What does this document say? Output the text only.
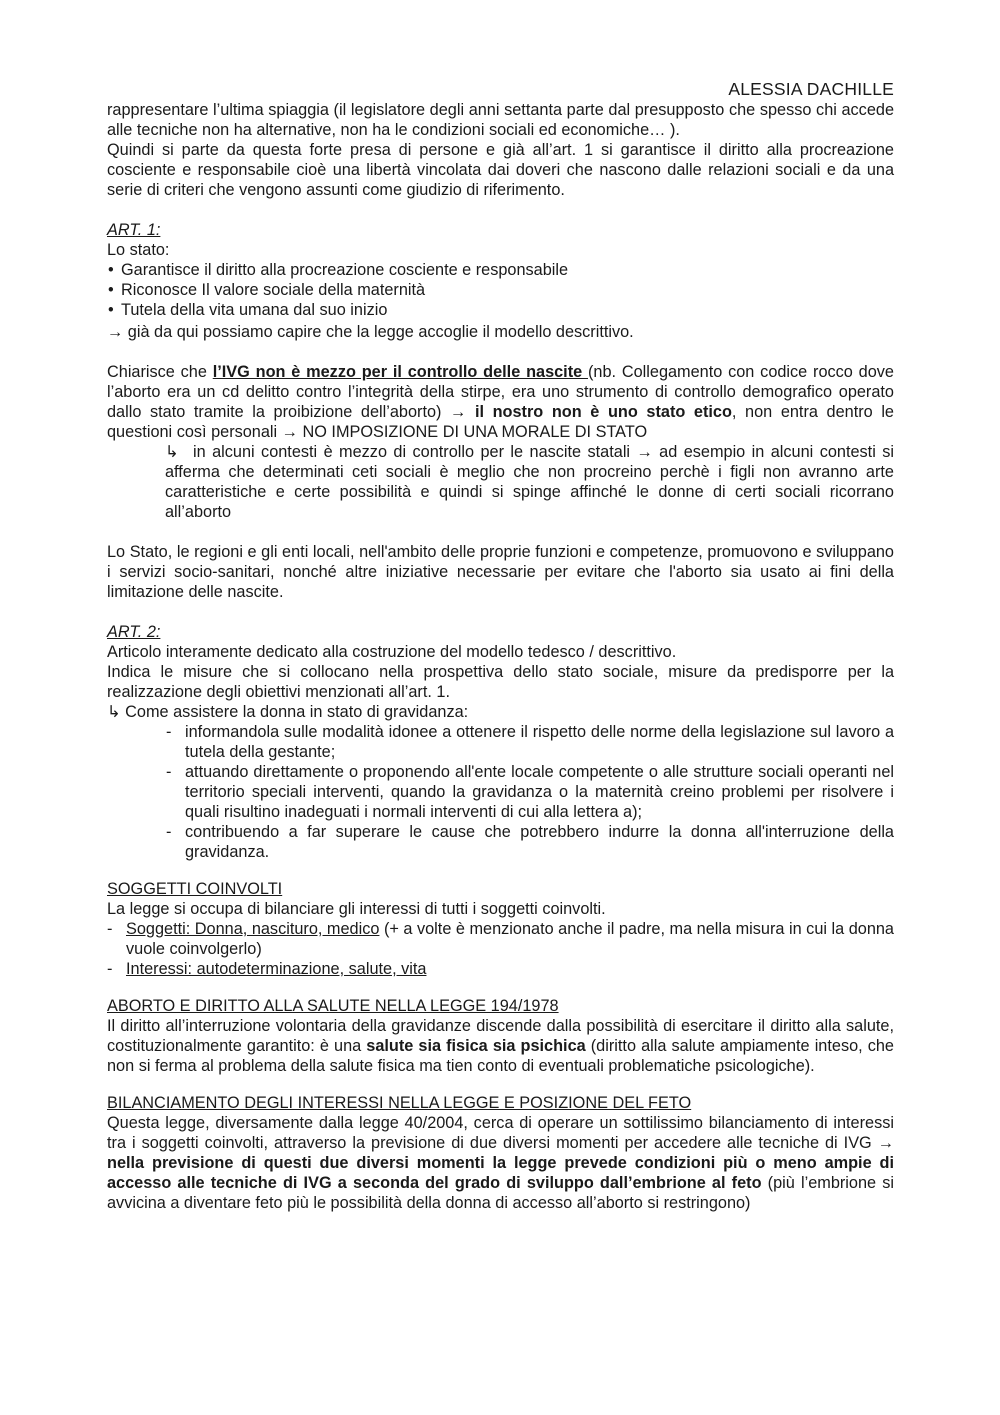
ALESSIA DACHILLE

rappresentare l’ultima spiaggia (il legislatore degli anni settanta parte dal presupposto che spesso chi accede alle tecniche non ha alternative, non ha le condizioni sociali ed economiche… ).

Quindi si parte da questa forte presa di persone e già all’art. 1 si garantisce il diritto alla procreazione cosciente e responsabile cioè una libertà vincolata dai doveri che nascono dalle relazioni sociali e da una serie di criteri che vengono assunti come giudizio di riferimento.

ART. 1:

Lo stato:

• Garantisce il diritto alla procreazione cosciente e responsabile
• Riconosce Il valore sociale della maternità
• Tutela della vita umana dal suo inizio

→ già da qui possiamo capire che la legge accoglie il modello descrittivo.

Chiarisce che l’IVG non è mezzo per il controllo delle nascite (nb. Collegamento con codice rocco dove l’aborto era un cd delitto contro l’integrità della stirpe, era uno strumento di controllo demografico operato dallo stato tramite la proibizione dell’aborto) → il nostro non è uno stato etico, non entra dentro le questioni così personali → NO IMPOSIZIONE DI UNA MORALE DI STATO

↳ in alcuni contesti è mezzo di controllo per le nascite statali → ad esempio in alcuni contesti si afferma che determinati ceti sociali è meglio che non procreino perchè i figli non avranno arte caratteristiche e certe possibilità e quindi si spinge affinché le donne di certi sociali ricorrano all’aborto

Lo Stato, le regioni e gli enti locali, nell'ambito delle proprie funzioni e competenze, promuovono e sviluppano i servizi socio-sanitari, nonché altre iniziative necessarie per evitare che l'aborto sia usato ai fini della limitazione delle nascite.

ART. 2:

Articolo interamente dedicato alla costruzione del modello tedesco / descrittivo.

Indica le misure che si collocano nella prospettiva dello stato sociale, misure da predisporre per la realizzazione degli obiettivi menzionati all’art. 1.

↳ Come assistere la donna in stato di gravidanza:

- informandola sulle modalità idonee a ottenere il rispetto delle norme della legislazione sul lavoro a tutela della gestante;
- attuando direttamente o proponendo all'ente locale competente o alle strutture sociali operanti nel territorio speciali interventi, quando la gravidanza o la maternità creino problemi per risolvere i quali risultino inadeguati i normali interventi di cui alla lettera a);
- contribuendo a far superare le cause che potrebbero indurre la donna all'interruzione della gravidanza.

SOGGETTI COINVOLTI

La legge si occupa di bilanciare gli interessi di tutti i soggetti coinvolti.

- Soggetti: Donna, nascituro, medico (+ a volte è menzionato anche il padre, ma nella misura in cui la donna vuole coinvolgerlo)
- Interessi: autodeterminazione, salute, vita

ABORTO E DIRITTO ALLA SALUTE NELLA LEGGE 194/1978

Il diritto all’interruzione volontaria della gravidanze discende dalla possibilità di esercitare il diritto alla salute, costituzionalmente garantito: è una salute sia fisica sia psichica (diritto alla salute ampiamente inteso, che non si ferma al problema della salute fisica ma tien conto di eventuali problematiche psicologiche).

BILANCIAMENTO DEGLI INTERESSI NELLA LEGGE E POSIZIONE DEL FETO

Questa legge, diversamente dalla legge 40/2004, cerca di operare un sottilissimo bilanciamento di interessi tra i soggetti coinvolti, attraverso la previsione di due diversi momenti per accedere alle tecniche di IVG → nella previsione di questi due diversi momenti la legge prevede condizioni più o meno ampie di accesso alle tecniche di IVG a seconda del grado di sviluppo dall’embrione al feto (più l’embrione si avvicina a diventare feto più le possibilità della donna di accesso all’aborto si restringono)
